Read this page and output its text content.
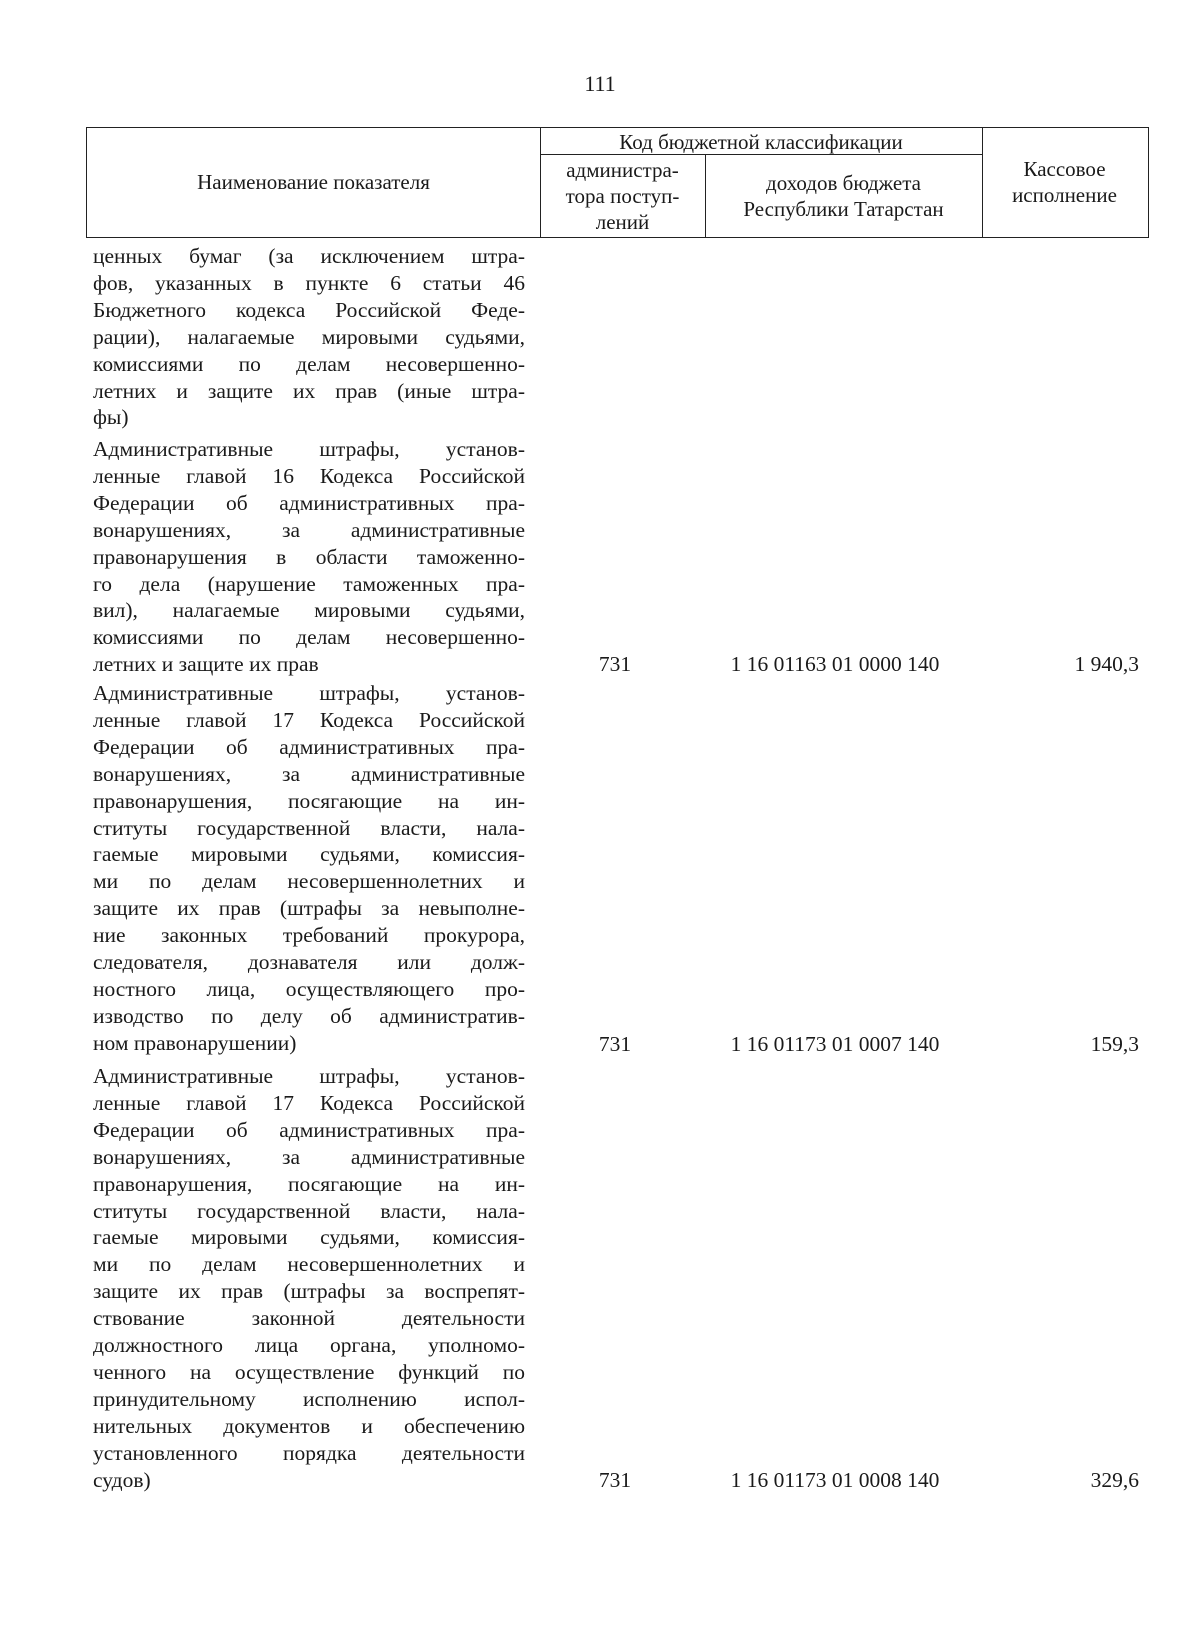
111
Наименование показателя
Код бюджетной классификации
администра-
тора поступ-
лений
доходов бюджета
Республики Татарстан
Кассовое
исполнение
ценных бумаг (за исключением штра-
фов, указанных в пункте 6 статьи 46
Бюджетного кодекса Российской Феде-
рации), налагаемые мировыми судьями,
комиссиями по делам несовершенно-
летних и защите их прав (иные штра-
фы)
Административные штрафы, установ-
ленные главой 16 Кодекса Российской
Федерации об административных пра-
вонарушениях, за административные
правонарушения в области таможенно-
го дела (нарушение таможенных пра-
вил), налагаемые мировыми судьями,
комиссиями по делам несовершенно-
летних и защите их прав	731	1 16 01163 01 0000 140	1 940,3
Административные штрафы, установ-
ленные главой 17 Кодекса Российской
Федерации об административных пра-
вонарушениях, за административные
правонарушения, посягающие на ин-
ституты государственной власти, нала-
гаемые мировыми судьями, комиссия-
ми по делам несовершеннолетних и
защите их прав (штрафы за невыполне-
ние законных требований прокурора,
следователя, дознавателя или долж-
ностного лица, осуществляющего про-
изводство по делу об административ-
ном правонарушении)	731	1 16 01173 01 0007 140	159,3
Административные штрафы, установ-
ленные главой 17 Кодекса Российской
Федерации об административных пра-
вонарушениях, за административные
правонарушения, посягающие на ин-
ституты государственной власти, нала-
гаемые мировыми судьями, комиссия-
ми по делам несовершеннолетних и
защите их прав (штрафы за воспрепят-
ствование законной деятельности
должностного лица органа, уполномо-
ченного на осуществление функций по
принудительному исполнению испол-
нительных документов и обеспечению
установленного порядка деятельности
судов)	731	1 16 01173 01 0008 140	329,6
